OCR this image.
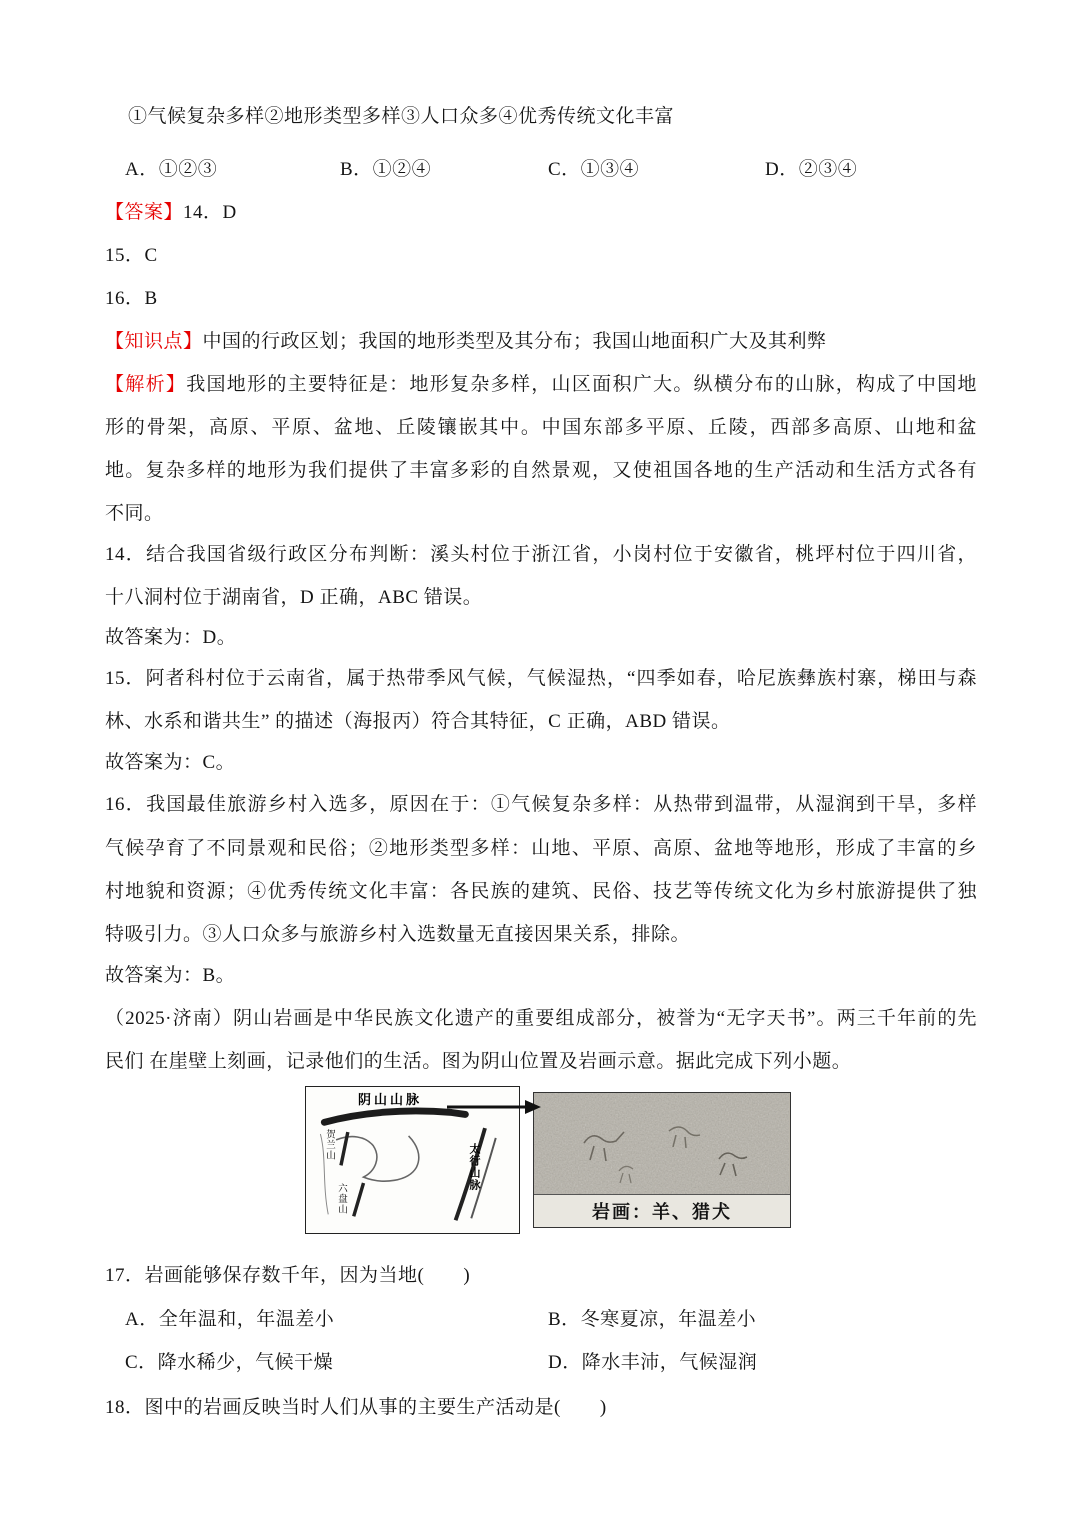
①气候复杂多样②地形类型多样③人口众多④优秀传统文化丰富
A．①②③	B．①②④	C．①③④	D．②③④
【答案】14．D
15．C
16．B
【知识点】中国的行政区划；我国的地形类型及其分布；我国山地面积广大及其利弊
【解析】我国地形的主要特征是：地形复杂多样，山区面积广大。纵横分布的山脉，构成了中国地
形的骨架，高原、平原、盆地、丘陵镶嵌其中。中国东部多平原、丘陵，西部多高原、山地和盆
地。复杂多样的地形为我们提供了丰富多彩的自然景观，又使祖国各地的生产活动和生活方式各有
不同。
14．结合我国省级行政区分布判断：溪头村位于浙江省，小岗村位于安徽省，桃坪村位于四川省，
十八洞村位于湖南省，D 正确，ABC 错误。
故答案为：D。
15．阿者科村位于云南省，属于热带季风气候，气候湿热，“四季如春，哈尼族彝族村寨，梯田与森
林、水系和谐共生” 的描述（海报丙）符合其特征，C 正确，ABD 错误。
故答案为：C。
16．我国最佳旅游乡村入选多，原因在于：①气候复杂多样：从热带到温带，从湿润到干旱，多样
气候孕育了不同景观和民俗；②地形类型多样：山地、平原、高原、盆地等地形，形成了丰富的乡
村地貌和资源；④优秀传统文化丰富：各民族的建筑、民俗、技艺等传统文化为乡村旅游提供了独
特吸引力。③人口众多与旅游乡村入选数量无直接因果关系，排除。
故答案为：B。
（2025·济南）阴山岩画是中华民族文化遗产的重要组成部分，被誉为“无字天书”。两三千年前的先
民们 在崖壁上刻画，记录他们的生活。图为阴山位置及岩画示意。据此完成下列小题。
阴山山脉
太行山脉
贺兰山
六盘山	岩画：羊、猎犬
17．岩画能够保存数千年，因为当地(　　)
A．全年温和，年温差小	B．冬寒夏凉，年温差小
C．降水稀少，气候干燥	D．降水丰沛，气候湿润
18．图中的岩画反映当时人们从事的主要生产活动是(　　)
